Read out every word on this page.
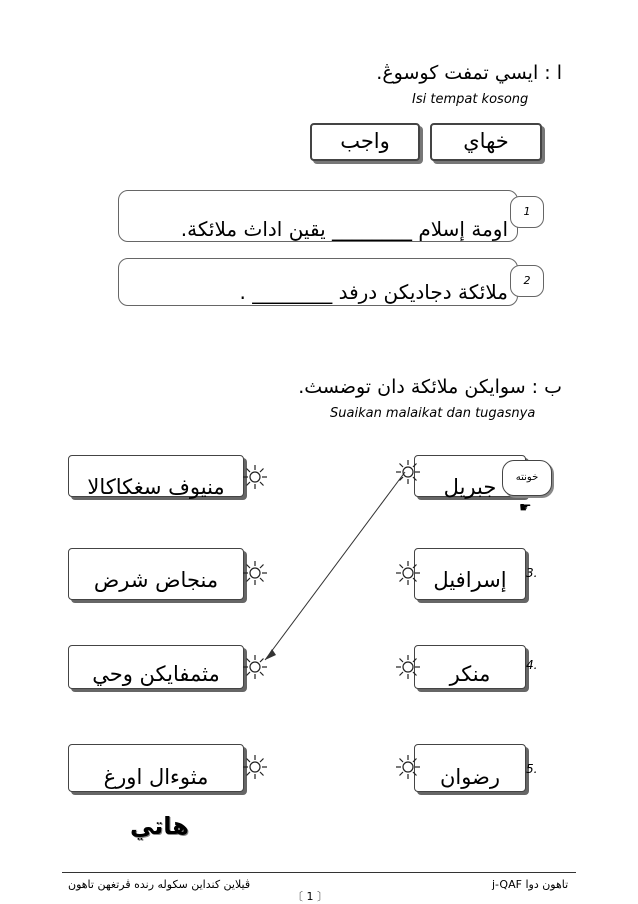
ا : ايسي تمفت كوسوڠ.
Isi tempat kosong
واجب	خهاي
اومة إسلام ________ يقين اداث ملائكة.
1
ملائكة دجاديكن درفد ________ .	2
ب : سوايكن ملائكة دان توضسث.
Suaikan malaikat dan tugasnya
جبريل
إسرافيل
منكر
رضوان
خونته
☛
3.
4.
5.
منيوف سغكاكالا
منجاض شرض
مثمفايكن وحي
مثوءال اورغ
هاتي
ڤيلاين كنداين سكوله رنده ڤرتغهن تاهون	تاهون دوا j-QAF
〔 1 〕
